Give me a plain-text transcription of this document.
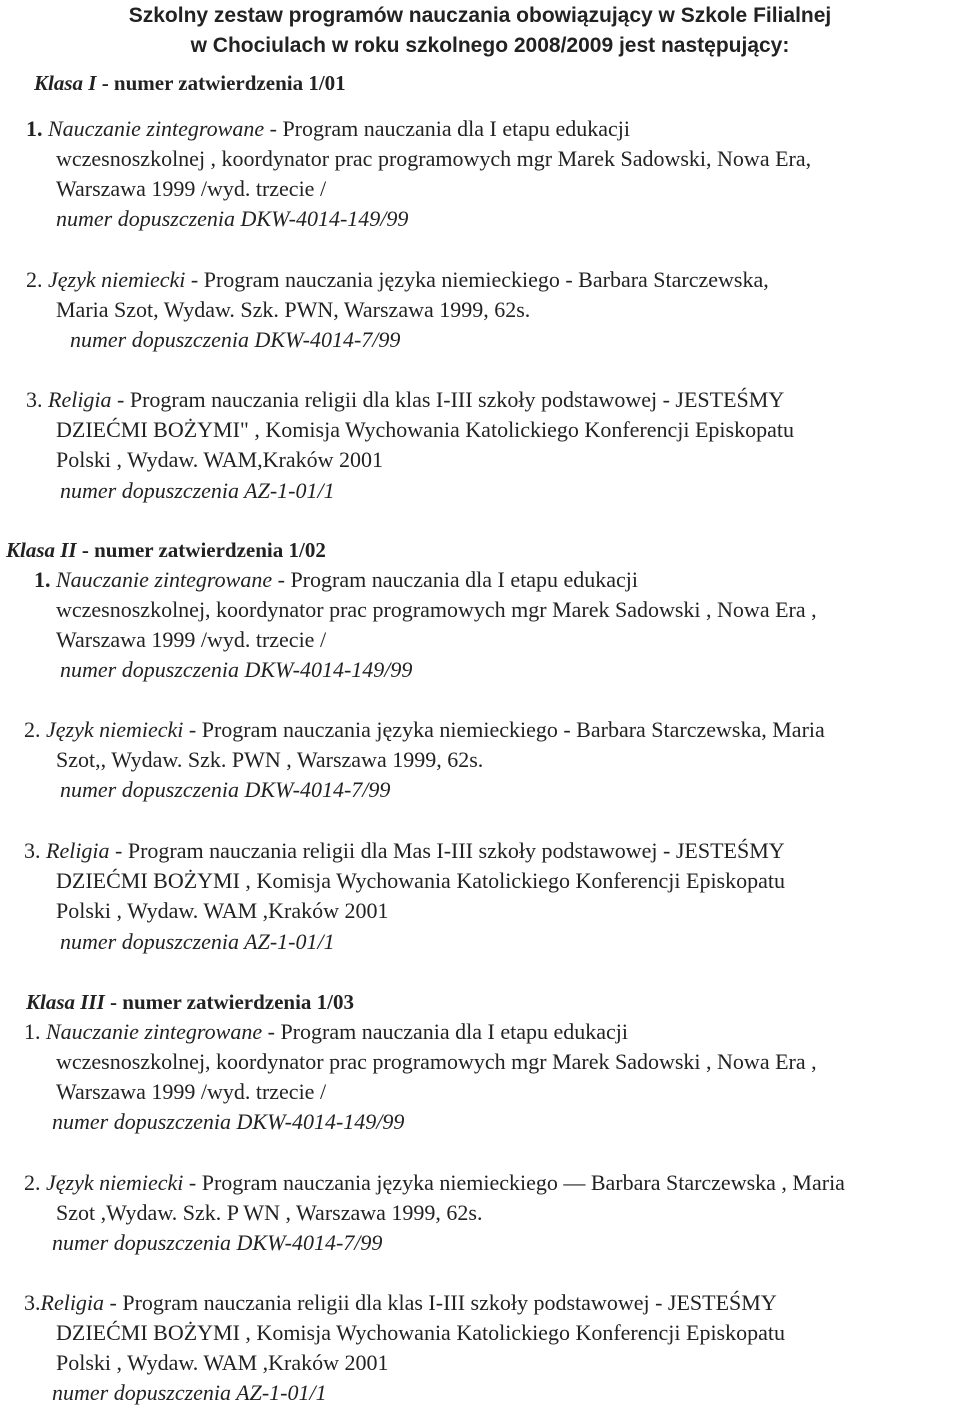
Szkolny zestaw programów nauczania obowiązujący w Szkole Filialnej
w Chociulach w roku szkolnego 2008/2009 jest następujący:
Klasa I - numer zatwierdzenia 1/01
1. Nauczanie zintegrowane - Program nauczania dla I etapu edukacji
wczesnoszkolnej , koordynator prac programowych mgr Marek Sadowski, Nowa Era,
Warszawa 1999 /wyd. trzecie /
numer dopuszczenia DKW-4014-149/99
2. Język niemiecki - Program nauczania języka niemieckiego - Barbara Starczewska,
Maria Szot, Wydaw. Szk. PWN, Warszawa 1999, 62s.
numer dopuszczenia DKW-4014-7/99
3. Religia - Program nauczania religii dla klas I-III szkoły podstawowej - JESTEŚMY
DZIEĆMI BOŻYMI" , Komisja Wychowania Katolickiego Konferencji Episkopatu
Polski , Wydaw. WAM,Kraków 2001
numer dopuszczenia AZ-1-01/1
Klasa II - numer zatwierdzenia 1/02
1. Nauczanie zintegrowane - Program nauczania dla I etapu edukacji
wczesnoszkolnej, koordynator prac programowych mgr Marek Sadowski , Nowa Era ,
Warszawa 1999 /wyd. trzecie /
numer dopuszczenia DKW-4014-149/99
2. Język niemiecki - Program nauczania języka niemieckiego - Barbara Starczewska, Maria
Szot,, Wydaw. Szk. PWN , Warszawa 1999, 62s.
numer dopuszczenia DKW-4014-7/99
3. Religia - Program nauczania religii dla Mas I-III szkoły podstawowej - JESTEŚMY
DZIEĆMI BOŻYMI , Komisja Wychowania Katolickiego Konferencji Episkopatu
Polski , Wydaw. WAM ,Kraków 2001
numer dopuszczenia AZ-1-01/1
Klasa III - numer zatwierdzenia 1/03
1. Nauczanie zintegrowane - Program nauczania dla I etapu edukacji
wczesnoszkolnej, koordynator prac programowych mgr Marek Sadowski , Nowa Era ,
Warszawa 1999 /wyd. trzecie /
numer dopuszczenia DKW-4014-149/99
2. Język niemiecki - Program nauczania języka niemieckiego — Barbara Starczewska , Maria
Szot ,Wydaw. Szk. P WN , Warszawa 1999, 62s.
numer dopuszczenia DKW-4014-7/99
3.Religia - Program nauczania religii dla klas I-III szkoły podstawowej - JESTEŚMY
DZIEĆMI BOŻYMI , Komisja Wychowania Katolickiego Konferencji Episkopatu
Polski , Wydaw. WAM ,Kraków 2001
numer dopuszczenia AZ-1-01/1
